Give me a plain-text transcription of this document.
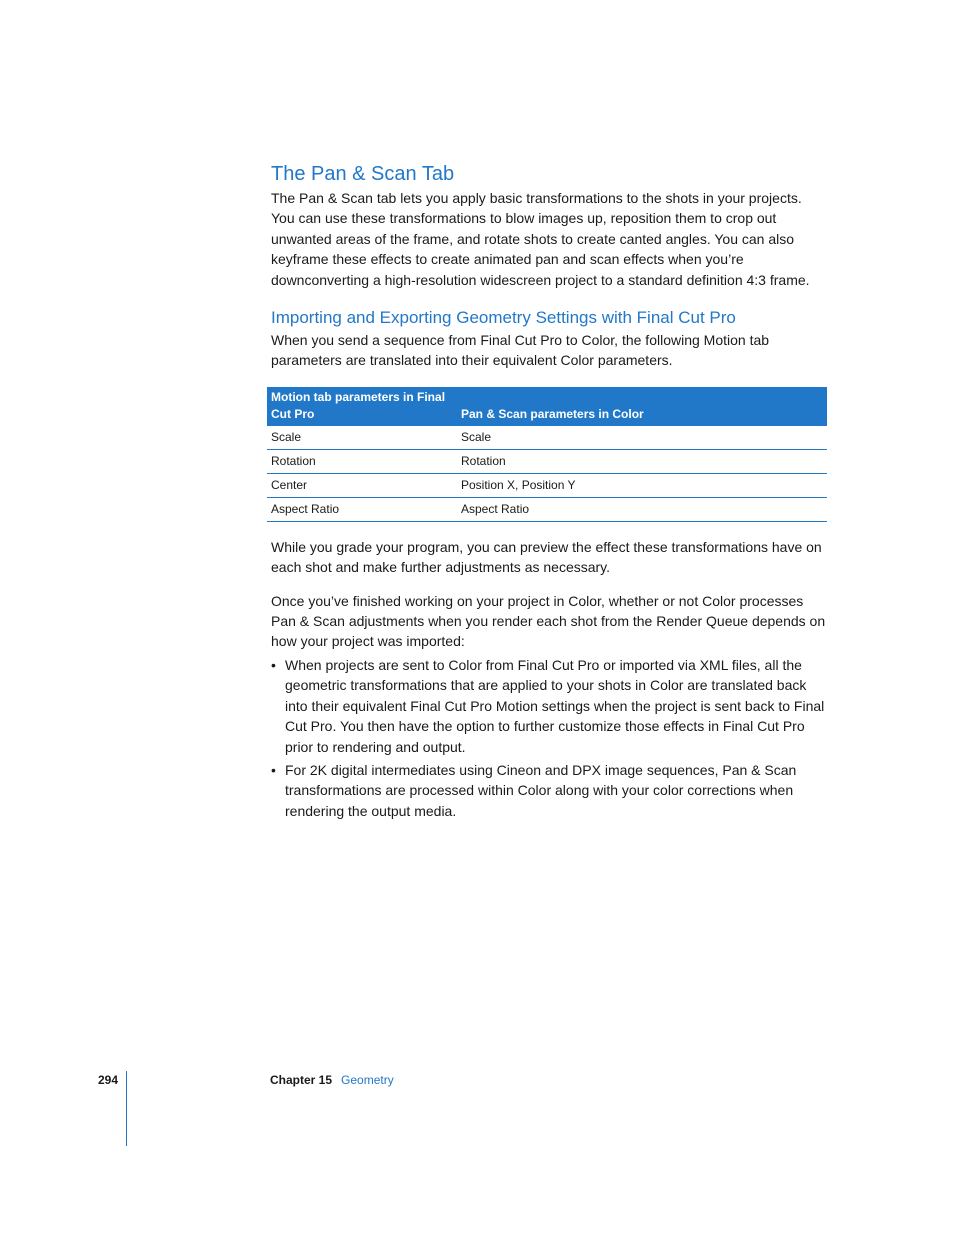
The Pan & Scan Tab

The Pan & Scan tab lets you apply basic transformations to the shots in your projects. You can use these transformations to blow images up, reposition them to crop out unwanted areas of the frame, and rotate shots to create canted angles. You can also keyframe these effects to create animated pan and scan effects when you’re downconverting a high-resolution widescreen project to a standard definition 4:3 frame.

Importing and Exporting Geometry Settings with Final Cut Pro

When you send a sequence from Final Cut Pro to Color, the following Motion tab parameters are translated into their equivalent Color parameters.

Motion tab parameters in Final Cut Pro	Pan & Scan parameters in Color
Scale	Scale
Rotation	Rotation
Center	Position X, Position Y
Aspect Ratio	Aspect Ratio

While you grade your program, you can preview the effect these transformations have on each shot and make further adjustments as necessary.

Once you’ve finished working on your project in Color, whether or not Color processes Pan & Scan adjustments when you render each shot from the Render Queue depends on how your project was imported:

• When projects are sent to Color from Final Cut Pro or imported via XML files, all the geometric transformations that are applied to your shots in Color are translated back into their equivalent Final Cut Pro Motion settings when the project is sent back to Final Cut Pro. You then have the option to further customize those effects in Final Cut Pro prior to rendering and output.
• For 2K digital intermediates using Cineon and DPX image sequences, Pan & Scan transformations are processed within Color along with your color corrections when rendering the output media.
294	Chapter 15 Geometry
